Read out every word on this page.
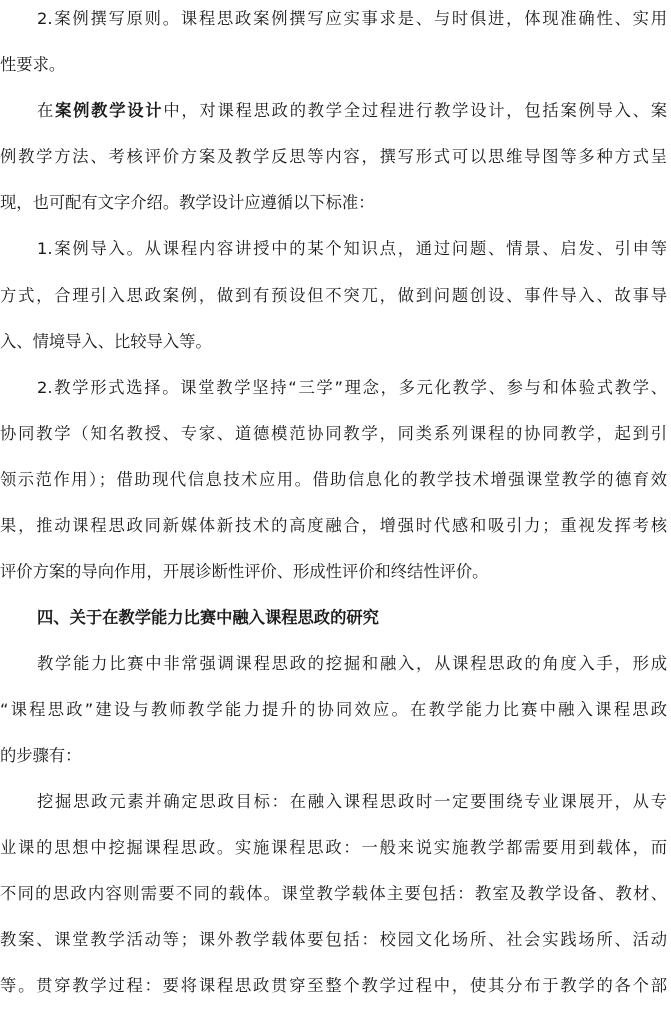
2.案例撰写原则。课程思政案例撰写应实事求是、与时俱进，体现准确性、实用
性要求。
在案例教学设计中，对课程思政的教学全过程进行教学设计，包括案例导入、案
例教学方法、考核评价方案及教学反思等内容，撰写形式可以思维导图等多种方式呈
现，也可配有文字介绍。教学设计应遵循以下标准：
1.案例导入。从课程内容讲授中的某个知识点，通过问题、情景、启发、引申等
方式，合理引入思政案例，做到有预设但不突兀，做到问题创设、事件导入、故事导
入、情境导入、比较导入等。
2.教学形式选择。课堂教学坚持“三学”理念，多元化教学、参与和体验式教学、
协同教学（知名教授、专家、道德模范协同教学，同类系列课程的协同教学，起到引
领示范作用）；借助现代信息技术应用。借助信息化的教学技术增强课堂教学的德育效
果，推动课程思政同新媒体新技术的高度融合，增强时代感和吸引力；重视发挥考核
评价方案的导向作用，开展诊断性评价、形成性评价和终结性评价。
四、关于在教学能力比赛中融入课程思政的研究
教学能力比赛中非常强调课程思政的挖掘和融入，从课程思政的角度入手，形成
“课程思政”建设与教师教学能力提升的协同效应。在教学能力比赛中融入课程思政
的步骤有：
挖掘思政元素并确定思政目标：在融入课程思政时一定要围绕专业课展开，从专
业课的思想中挖掘课程思政。实施课程思政：一般来说实施教学都需要用到载体，而
不同的思政内容则需要不同的载体。课堂教学载体主要包括：教室及教学设备、教材、
教案、课堂教学活动等；课外教学载体要包括：校园文化场所、社会实践场所、活动
等。贯穿教学过程：要将课程思政贯穿至整个教学过程中，使其分布于教学的各个部
